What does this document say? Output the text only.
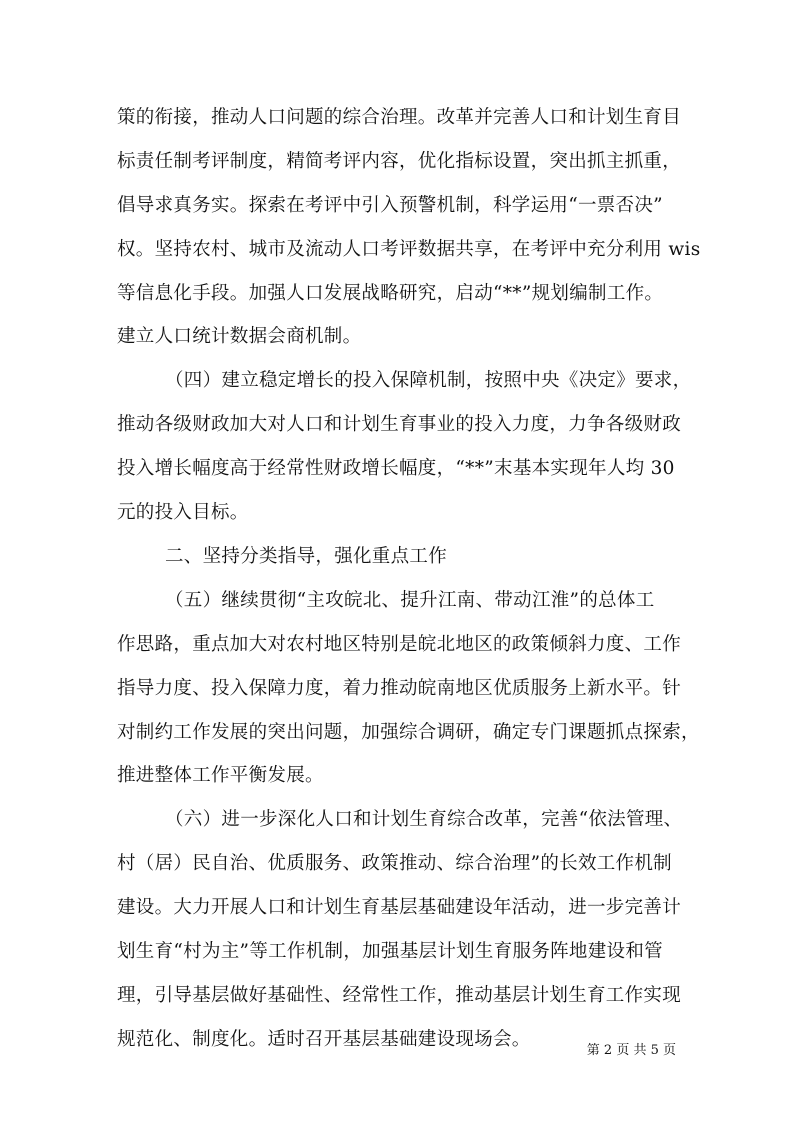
策的衔接，推动人口问题的综合治理。改革并完善人口和计划生育目
标责任制考评制度，精简考评内容，优化指标设置，突出抓主抓重，
倡导求真务实。探索在考评中引入预警机制，科学运用“一票否决”
权。坚持农村、城市及流动人口考评数据共享，在考评中充分利用 wis
等信息化手段。加强人口发展战略研究，启动“**”规划编制工作。
建立人口统计数据会商机制。
（四）建立稳定增长的投入保障机制，按照中央《决定》要求，
推动各级财政加大对人口和计划生育事业的投入力度，力争各级财政
投入增长幅度高于经常性财政增长幅度，“**”末基本实现年人均 30
元的投入目标。
二、坚持分类指导，强化重点工作
（五）继续贯彻“主攻皖北、提升江南、带动江淮”的总体工
作思路，重点加大对农村地区特别是皖北地区的政策倾斜力度、工作
指导力度、投入保障力度，着力推动皖南地区优质服务上新水平。针
对制约工作发展的突出问题，加强综合调研，确定专门课题抓点探索，
推进整体工作平衡发展。
（六）进一步深化人口和计划生育综合改革，完善“依法管理、
村（居）民自治、优质服务、政策推动、综合治理”的长效工作机制
建设。大力开展人口和计划生育基层基础建设年活动，进一步完善计
划生育“村为主”等工作机制，加强基层计划生育服务阵地建设和管
理，引导基层做好基础性、经常性工作，推动基层计划生育工作实现
规范化、制度化。适时召开基层基础建设现场会。
第 2 页 共 5 页
